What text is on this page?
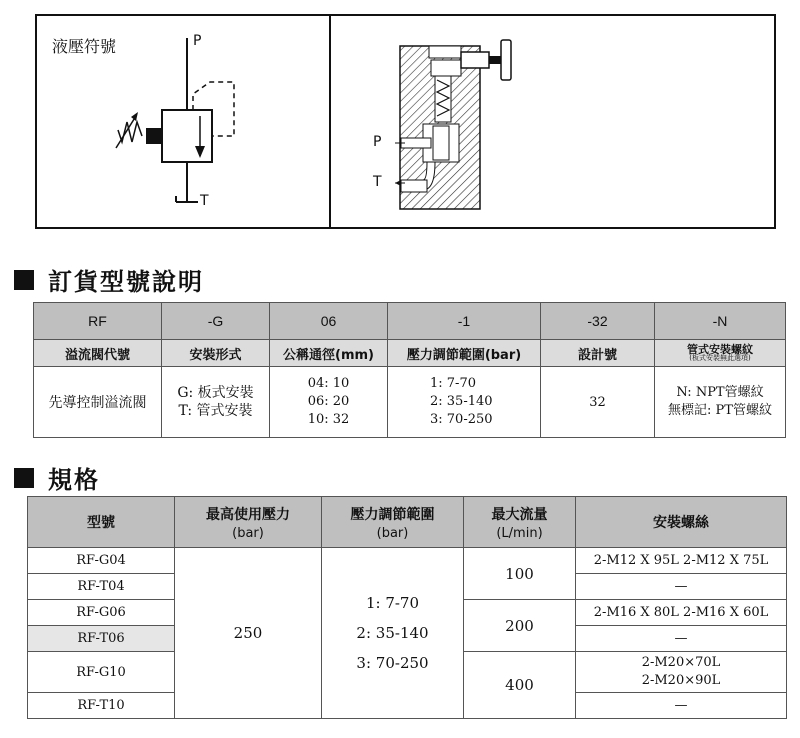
液壓符號	P
T
P
T
訂貨型號說明
RF	-G	06	-1	-32	-N
溢流閥代號	安裝形式	公稱通徑(mm)	壓力調節範圍(bar)	設計號	管式安裝螺紋
(板式安裝無此選項)

先導控制溢流閥	G: 板式安裝
T: 管式安裝	04: 10
06: 20
10: 32	1: 7-70
2: 35-140
3: 70-250	32	N: NPT管螺紋
無標記: PT管螺紋
規格
型號	最高使用壓力
(bar)	壓力調節範圍
(bar)	最大流量
(L/min)	安裝螺絲
RF-G04	250	1: 7-70
2: 35-140
3: 70-250	100	2-M12 X 95L 2-M12 X 75L
RF-T04				—
RF-G06			200	2-M16 X 80L 2-M16 X 60L
RF-T06				—
RF-G10			400	2-M20×70L
2-M20×90L

RF-T10				—
